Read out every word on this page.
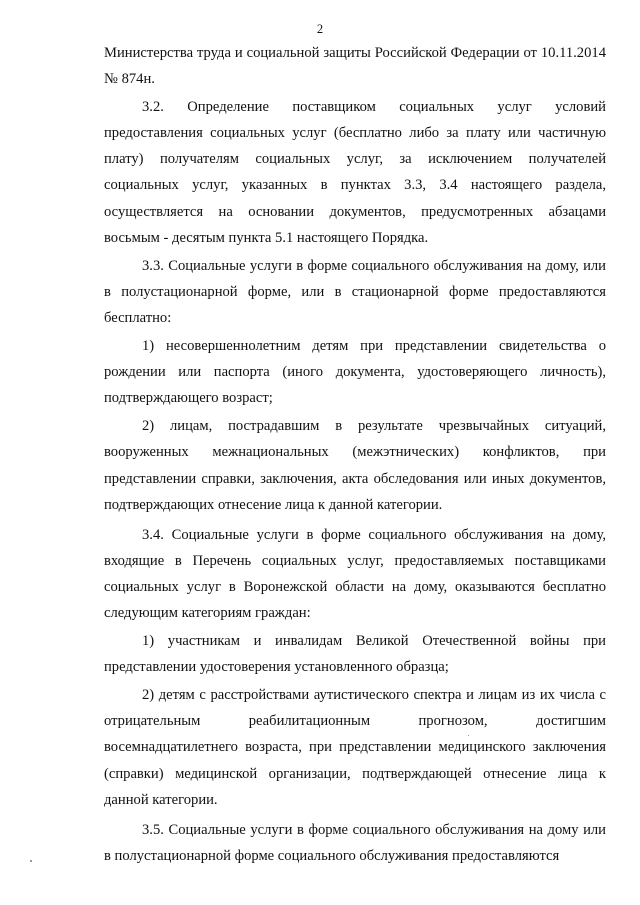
2

Министерства труда и социальной защиты Российской Федерации от 10.11.2014 № 874н.

3.2. Определение поставщиком социальных услуг условий предоставления социальных услуг (бесплатно либо за плату или частичную плату) получателям социальных услуг, за исключением получателей социальных услуг, указанных в пунктах 3.3, 3.4 настоящего раздела, осуществляется на основании документов, предусмотренных абзацами восьмым - десятым пункта 5.1 настоящего Порядка.

3.3. Социальные услуги в форме социального обслуживания на дому, или в полустационарной форме, или в стационарной форме предоставляются бесплатно:

1) несовершеннолетним детям при представлении свидетельства о рождении или паспорта (иного документа, удостоверяющего личность), подтверждающего возраст;

2) лицам, пострадавшим в результате чрезвычайных ситуаций, вооруженных межнациональных (межэтнических) конфликтов, при представлении справки, заключения, акта обследования или иных документов, подтверждающих отнесение лица к данной категории.

3.4. Социальные услуги в форме социального обслуживания на дому, входящие в Перечень социальных услуг, предоставляемых поставщиками социальных услуг в Воронежской области на дому, оказываются бесплатно следующим категориям граждан:

1) участникам и инвалидам Великой Отечественной войны при представлении удостоверения установленного образца;

2) детям с расстройствами аутистического спектра и лицам из их числа с отрицательным реабилитационным прогнозом, достигшим восемнадцатилетнего возраста, при представлении медицинского заключения (справки) медицинской организации, подтверждающей отнесение лица к данной категории.

3.5. Социальные услуги в форме социального обслуживания на дому или в полустационарной форме социального обслуживания предоставляются
